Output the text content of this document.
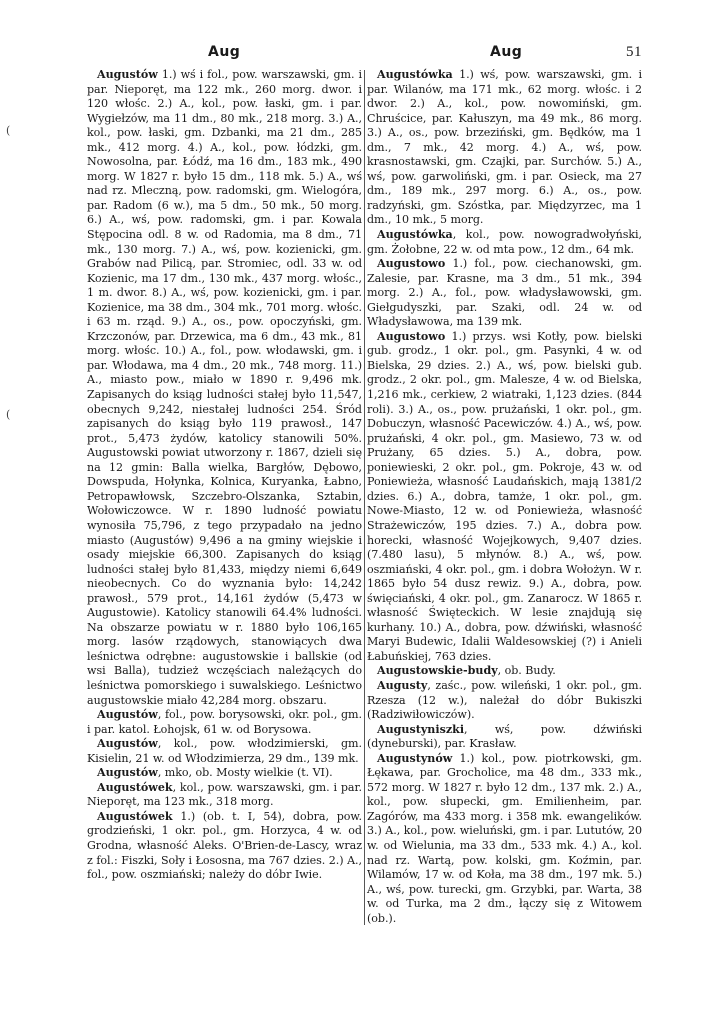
Aug	Aug	51
(
(

Augustów 1.) wś i fol., pow. warszawski, gm. i par. Nieporęt, ma 122 mk., 260 morg. dwor. i 120 włośc. 2.) A., kol., pow. łaski, gm. i par. Wygiełzów, ma 11 dm., 80 mk., 218 morg. 3.) A., kol., pow. łaski, gm. Dzbanki, ma 21 dm., 285 mk., 412 morg. 4.) A., kol., pow. łódzki, gm. Nowosolna, par. Łódź, ma 16 dm., 183 mk., 490 morg. W 1827 r. było 15 dm., 118 mk. 5.) A., wś nad rz. Mleczną, pow. radomski, gm. Wielogóra, par. Radom (6 w.), ma 5 dm., 50 mk., 50 morg. 6.) A., wś, pow. radomski, gm. i par. Kowala Stępocina odl. 8 w. od Radomia, ma 8 dm., 71 mk., 130 morg. 7.) A., wś, pow. kozienicki, gm. Grabów nad Pilicą, par. Stromiec, odl. 33 w. od Kozienic, ma 17 dm., 130 mk., 437 morg. włośc., 1 m. dwor. 8.) A., wś, pow. kozienicki, gm. i par. Kozienice, ma 38 dm., 304 mk., 701 morg. włośc. i 63 m. rząd. 9.) A., os., pow. opoczyński, gm. Krzczonów, par. Drzewica, ma 6 dm., 43 mk., 81 morg. włośc. 10.) A., fol., pow. włodawski, gm. i par. Włodawa, ma 4 dm., 20 mk., 748 morg. 11.) A., miasto pow., miało w 1890 r. 9,496 mk. Zapisanych do ksiąg ludności stałej było 11,547, obecnych 9,242, niestałej ludności 254. Śród zapisanych do ksiąg było 119 prawosł., 147 prot., 5,473 żydów, katolicy stanowili 50%. Augustowski powiat utworzony r. 1867, dzieli się na 12 gmin: Balla wielka, Bargłów, Dębowo, Dowspuda, Hołynka, Kolnica, Kuryanka, Łabno, Petropawłowsk, Szczebro-Olszanka, Sztabin, Wołowiczowce. W r. 1890 ludność powiatu wynosiła 75,796, z tego przypadało na jedno miasto (Augustów) 9,496 a na gminy wiejskie i osady miejskie 66,300. Zapisanych do ksiąg ludności stałej było 81,433, między niemi 6,649 nieobecnych. Co do wyznania było: 14,242 prawosł., 579 prot., 14,161 żydów (5,473 w Augustowie). Katolicy stanowili 64.4% ludności. Na obszarze powiatu w r. 1880 było 106,165 morg. lasów rządowych, stanowiących dwa leśnictwa odrębne: augustowskie i ballskie (od wsi Balla), tudzież wczęściach należących do leśnictwa pomorskiego i suwalskiego. Leśnictwo augustowskie miało 42,284 morg. obszaru.

Augustów, fol., pow. borysowski, okr. pol., gm. i par. katol. Łohojsk, 61 w. od Borysowa.

Augustów, kol., pow. włodzimierski, gm. Kisielin, 21 w. od Włodzimierza, 29 dm., 139 mk.

Augustów, mko, ob. Mosty wielkie (t. VI).

Augustówek, kol., pow. warszawski, gm. i par. Nieporęt, ma 123 mk., 318 morg.

Augustówek 1.) (ob. t. I, 54), dobra, pow. grodzieński, 1 okr. pol., gm. Horzyca, 4 w. od Grodna, własność Aleks. O'Brien-de-Lascy, wraz z fol.: Fiszki, Soły i Łososna, ma 767 dzies. 2.) A., fol., pow. oszmiański; należy do dóbr Iwie.

Augustówka 1.) wś, pow. warszawski, gm. i par. Wilanów, ma 171 mk., 62 morg. włośc. i 2 dwor. 2.) A., kol., pow. nowomiński, gm. Chruścice, par. Kałuszyn, ma 49 mk., 86 morg. 3.) A., os., pow. brzeziński, gm. Będków, ma 1 dm., 7 mk., 42 morg. 4.) A., wś, pow. krasnostawski, gm. Czajki, par. Surchów. 5.) A., wś, pow. garwoliński, gm. i par. Osieck, ma 27 dm., 189 mk., 297 morg. 6.) A., os., pow. radzyński, gm. Szóstka, par. Międzyrzec, ma 1 dm., 10 mk., 5 morg.

Augustówka, kol., pow. nowogradwołyński, gm. Żołobne, 22 w. od mta pow., 12 dm., 64 mk.

Augustowo 1.) fol., pow. ciechanowski, gm. Zalesie, par. Krasne, ma 3 dm., 51 mk., 394 morg. 2.) A., fol., pow. władysławowski, gm. Giełgudyszki, par. Szaki, odl. 24 w. od Władysławowa, ma 139 mk.

Augustowo 1.) przys. wsi Kotły, pow. bielski gub. grodz., 1 okr. pol., gm. Pasynki, 4 w. od Bielska, 29 dzies. 2.) A., wś, pow. bielski gub. grodz., 2 okr. pol., gm. Malesze, 4 w. od Bielska, 1,216 mk., cerkiew, 2 wiatraki, 1,123 dzies. (844 roli). 3.) A., os., pow. prużański, 1 okr. pol., gm. Dobuczyn, własność Pacewiczów. 4.) A., wś, pow. prużański, 4 okr. pol., gm. Masiewo, 73 w. od Prużany, 65 dzies. 5.) A., dobra, pow. poniewieski, 2 okr. pol., gm. Pokroje, 43 w. od Poniewieża, własność Laudańskich, mają 1381/2 dzies. 6.) A., dobra, tamże, 1 okr. pol., gm. Nowe-Miasto, 12 w. od Poniewieża, własność Strażewiczów, 195 dzies. 7.) A., dobra pow. horecki, własność Wojejkowych, 9,407 dzies. (7.480 lasu), 5 młynów. 8.) A., wś, pow. oszmiański, 4 okr. pol., gm. i dobra Wołożyn. W r. 1865 było 54 dusz rewiz. 9.) A., dobra, pow. święciański, 4 okr. pol., gm. Zanarocz. W 1865 r. własność Święteckich. W lesie znajdują się kurhany. 10.) A., dobra, pow. dźwiński, własność Maryi Budewic, Idalii Waldesowskiej (?) i Anieli Łabuńskiej, 763 dzies.

Augustowskie-budy, ob. Budy.

Augusty, zaśc., pow. wileński, 1 okr. pol., gm. Rzesza (12 w.), należał do dóbr Bukiszki (Radziwiłowiczów).

Augustyniszki, wś, pow. dźwiński (dyneburski), par. Krasław.

Augustynów 1.) kol., pow. piotrkowski, gm. Łękawa, par. Grocholice, ma 48 dm., 333 mk., 572 morg. W 1827 r. było 12 dm., 137 mk. 2.) A., kol., pow. słupecki, gm. Emilienheim, par. Zagórów, ma 433 morg. i 358 mk. ewangelików. 3.) A., kol., pow. wieluński, gm. i par. Lututów, 20 w. od Wielunia, ma 33 dm., 533 mk. 4.) A., kol. nad rz. Wartą, pow. kolski, gm. Koźmin, par. Wilamów, 17 w. od Koła, ma 38 dm., 197 mk. 5.) A., wś, pow. turecki, gm. Grzybki, par. Warta, 38 w. od Turka, ma 2 dm., łączy się z Witowem (ob.).
